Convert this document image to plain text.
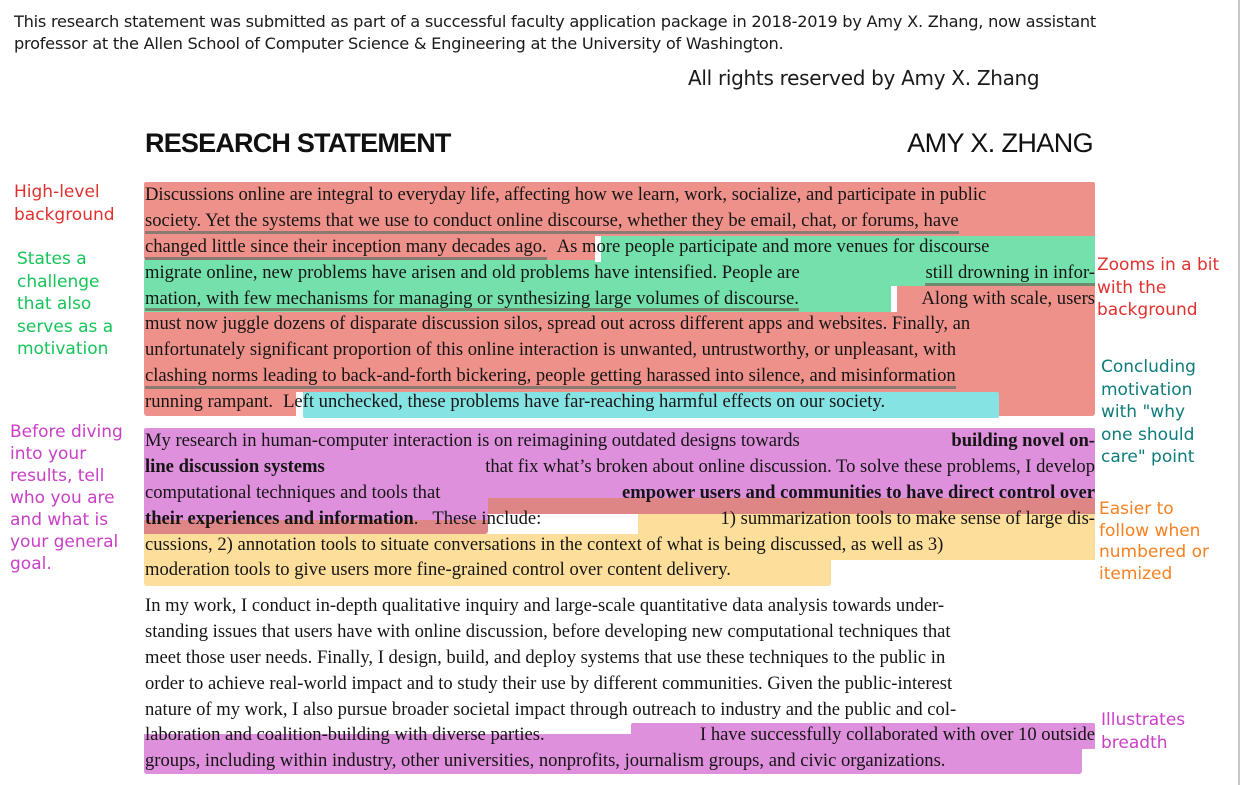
This research statement was submitted as part of a successful faculty application package in 2018-2019 by Amy X. Zhang, now assistant
professor at the Allen School of Computer Science & Engineering at the University of Washington.
All rights reserved by Amy X. Zhang
RESEARCH STATEMENT	AMY X. ZHANG
Discussions online are integral to everyday life, affecting how we learn, work, socialize, and participate in public
society. Yet the systems that we use to conduct online discourse, whether they be email, chat, or forums, have
changed little since their inception many decades ago. As more people participate and more venues for discourse
migrate online, new problems have arisen and old problems have intensified. People are	still drowning in infor-
mation, with few mechanisms for managing or synthesizing large volumes of discourse.	Along with scale, users
must now juggle dozens of disparate discussion silos, spread out across different apps and websites. Finally, an
unfortunately significant proportion of this online interaction is unwanted, untrustworthy, or unpleasant, with
clashing norms leading to back-and-forth bickering, people getting harassed into silence, and misinformation
running rampant. Left unchecked, these problems have far-reaching harmful effects on our society.
My research in human-computer interaction is on reimagining outdated designs towards	building novel on-
line discussion systems	that fix what’s broken about online discussion. To solve these problems, I develop
computational techniques and tools that	empower users and communities to have direct control over
their experiences and information. These include:	1) summarization tools to make sense of large dis-
cussions, 2) annotation tools to situate conversations in the context of what is being discussed, as well as 3)
moderation tools to give users more fine-grained control over content delivery.
In my work, I conduct in-depth qualitative inquiry and large-scale quantitative data analysis towards under-
standing issues that users have with online discussion, before developing new computational techniques that
meet those user needs. Finally, I design, build, and deploy systems that use these techniques to the public in
order to achieve real-world impact and to study their use by different communities. Given the public-interest
nature of my work, I also pursue broader societal impact through outreach to industry and the public and col-
laboration and coalition-building with diverse parties.	I have successfully collaborated with over 10 outside
groups, including within industry, other universities, nonprofits, journalism groups, and civic organizations.
High-level
background
States a
challenge
that also
serves as a
motivation
Before diving
into your
results, tell
who you are
and what is
your general
goal.
Zooms in a bit
with the
background
Concluding
motivation
with "why
one should
care" point
Easier to
follow when
numbered or
itemized
Illustrates
breadth
